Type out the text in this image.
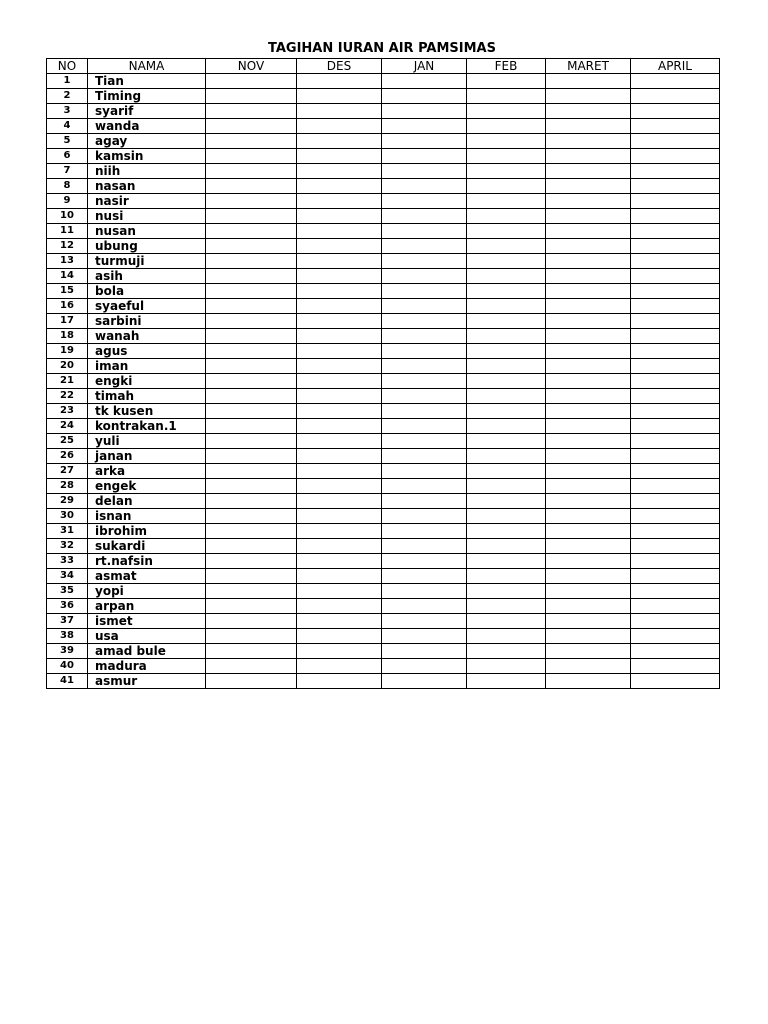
TAGIHAN IURAN AIR PAMSIMAS
NO	NAMA	NOV	DES	JAN	FEB	MARET	APRIL
1	Tian						
2	Timing						
3	syarif						
4	wanda						
5	agay						
6	kamsin						
7	niih						
8	nasan						
9	nasir						
10	nusi						
11	nusan						
12	ubung						
13	turmuji						
14	asih						
15	bola						
16	syaeful						
17	sarbini						
18	wanah						
19	agus						
20	iman						
21	engki						
22	timah						
23	tk kusen						
24	kontrakan.1						
25	yuli						
26	janan						
27	arka						
28	engek						
29	delan						
30	isnan						
31	ibrohim						
32	sukardi						
33	rt.nafsin						
34	asmat						
35	yopi						
36	arpan						
37	ismet						
38	usa						
39	amad bule						
40	madura						
41	asmur						
